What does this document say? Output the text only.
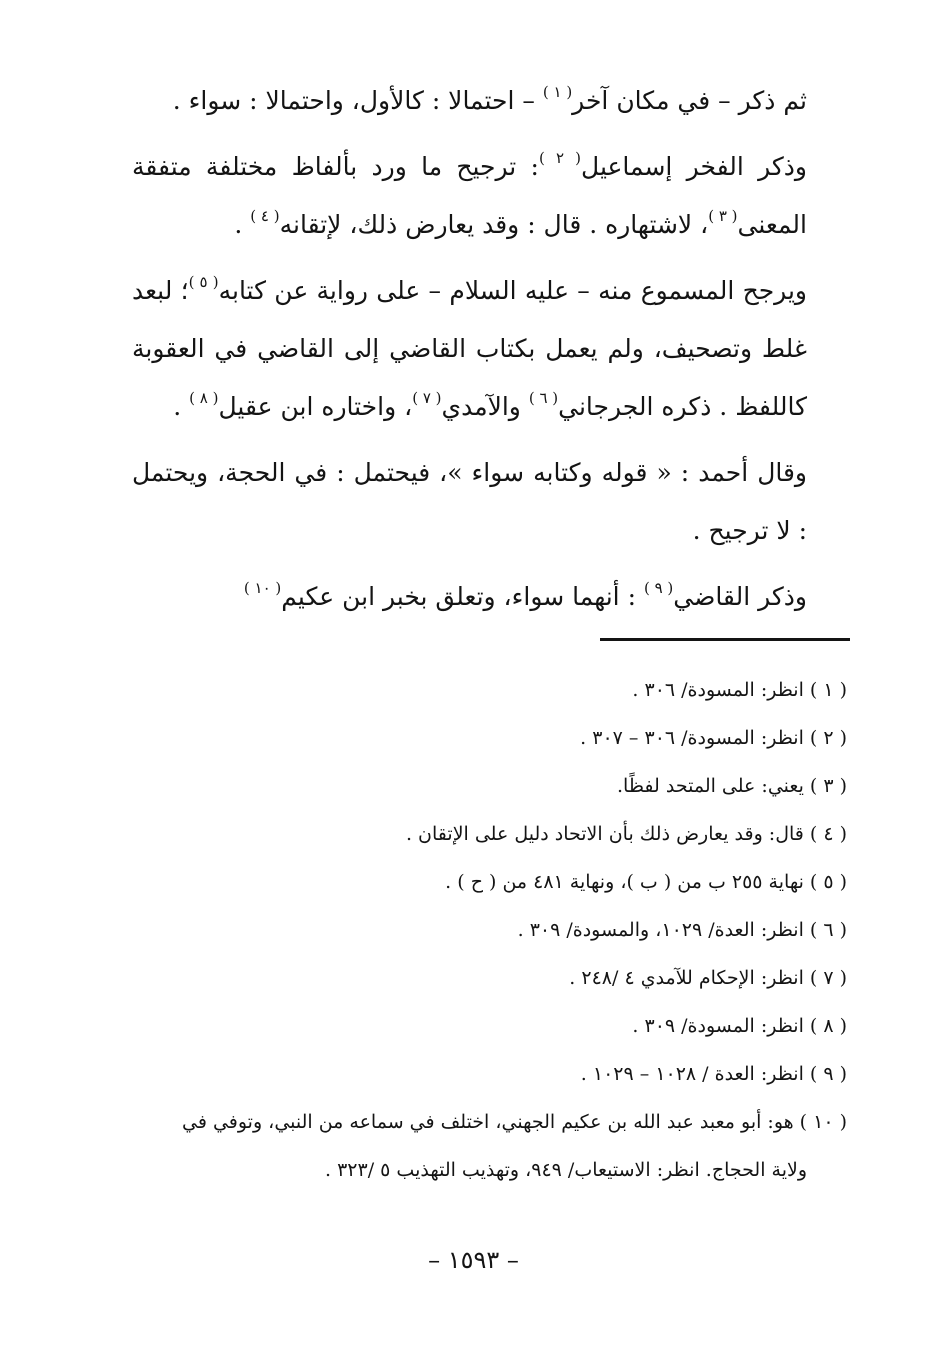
ثم ذكر – في مكان آخر$^{( ١ )}$ – احتمالا : كالأول، واحتمالا : سواء .

وذكر الفخر إسماعيل$^{( ٢ )}$: ترجيح ما ورد بألفاظ مختلفة متفقة المعنى$^{( ٣ )}$، لاشتهاره . قال : وقد يعارض ذلك، لإتقانه$^{( ٤ )}$ .

ويرجح المسموع منه – عليه السلام – على رواية عن كتابه$^{( ٥ )}$؛ لبعد غلط وتصحيف، ولم يعمل بكتاب القاضي إلى القاضي في العقوبة كاللفظ . ذكره الجرجاني$^{( ٦ )}$ والآمدي$^{( ٧ )}$، واختاره ابن عقيل$^{( ٨ )}$ .

وقال أحمد : « قوله وكتابه سواء »، فيحتمل : في الحجة، ويحتمل : لا ترجيح .

وذكر القاضي$^{( ٩ )}$ : أنهما سواء، وتعلق بخبر ابن عكيم$^{( ١٠ )}$

( ١ )انظر: المسودة/ ٣٠٦ .

( ٢ )انظر: المسودة/ ٣٠٦ – ٣٠٧ .

( ٣ )يعني: على المتحد لفظًا.

( ٤ )قال: وقد يعارض ذلك بأن الاتحاد دليل على الإتقان .

( ٥ )نهاية ٢٥٥ ب من ( ب )، ونهاية ٤٨١ من ( ح ) .

( ٦ )انظر: العدة/ ١٠٢٩، والمسودة/ ٣٠٩ .

( ٧ )انظر: الإحكام للآمدي ٤ /٢٤٨ .

( ٨ )انظر: المسودة/ ٣٠٩ .

( ٩ )انظر: العدة / ١٠٢٨ – ١٠٢٩ .

( ١٠ )هو: أبو معبد عبد الله بن عكيم الجهني، اختلف في سماعه من النبي، وتوفي في

ولاية الحجاج. انظر: الاستيعاب/ ٩٤٩، وتهذيب التهذيب ٥ /٣٢٣ .

– ١٥٩٣ –
